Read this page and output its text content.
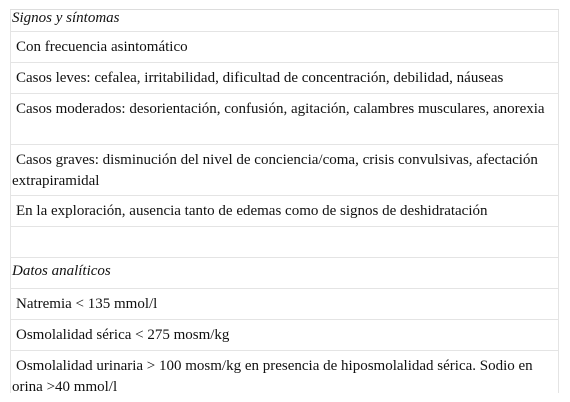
Signos y síntomas
Con frecuencia asintomático
Casos leves: cefalea, irritabilidad, dificultad de concentración, debilidad, náuseas
Casos moderados: desorientación, confusión, agitación, calambres musculares, anorexia
Casos graves: disminución del nivel de conciencia/coma, crisis convulsivas, afectación extrapiramidal
En la exploración, ausencia tanto de edemas como de signos de deshidratación
Datos analíticos
Natremia < 135 mmol/l
Osmolalidad sérica < 275 mosm/kg
Osmolalidad urinaria > 100 mosm/kg en presencia de hiposmolalidad sérica. Sodio en orina >40 mmol/l
